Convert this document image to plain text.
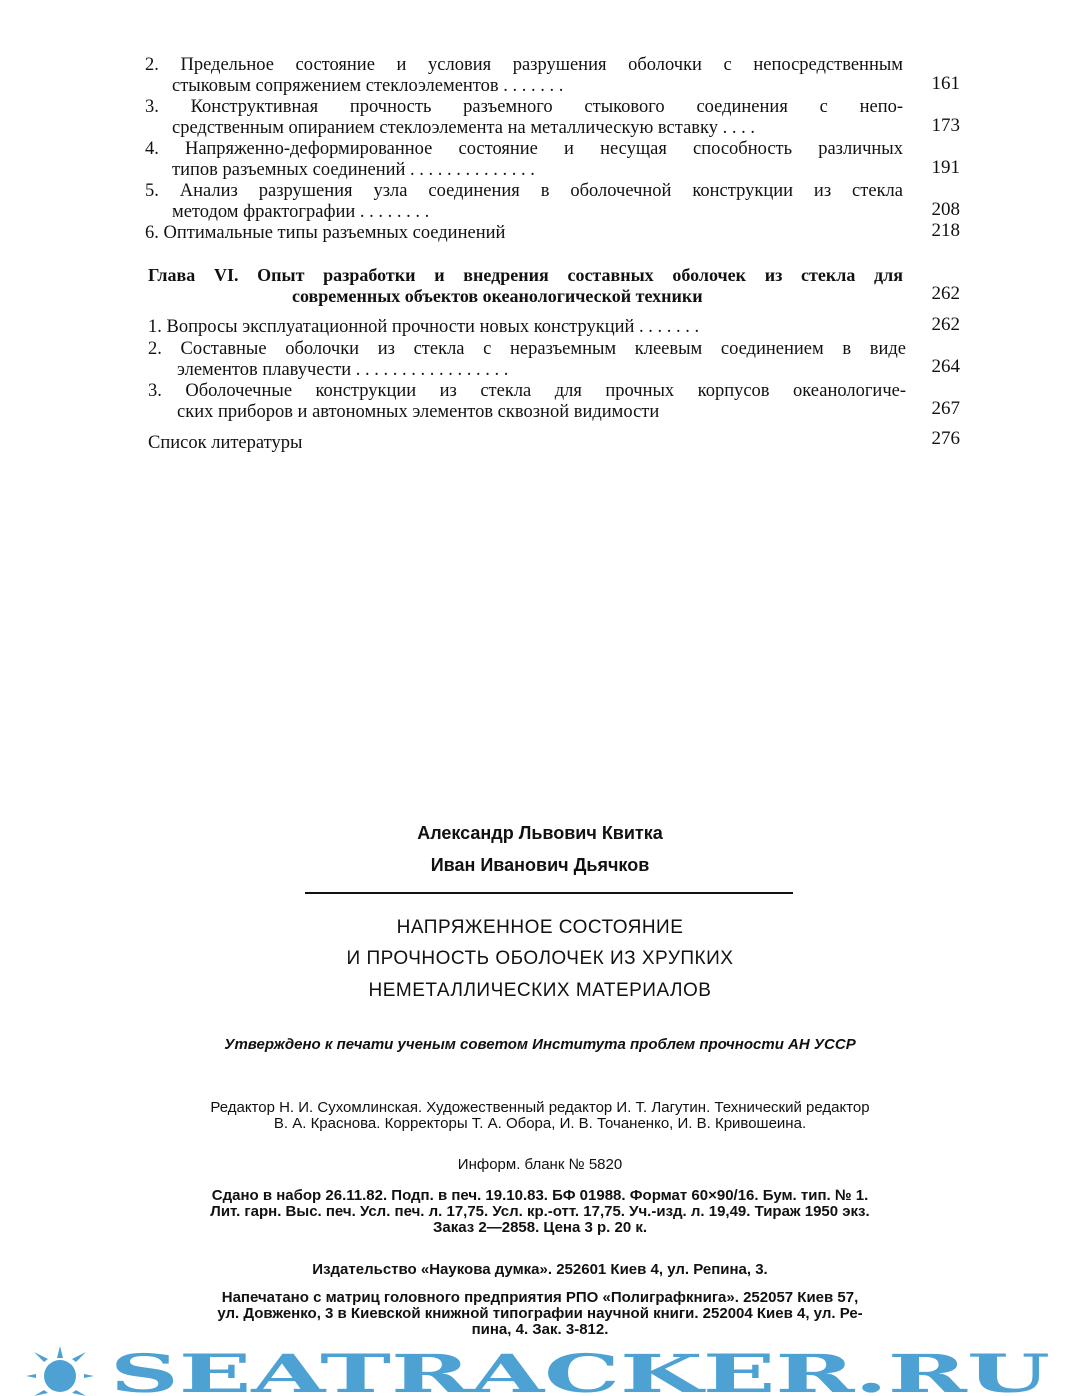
2. Предельное состояние и условия разрушения оболочки с непосредственным
стыковым сопряжением стеклоэлементов . . . . . . .	161
3. Конструктивная прочность разъемного стыкового соединения с непо-
средственным опиранием стеклоэлемента на металлическую вставку . . . .	173
4. Напряженно-деформированное состояние и несущая способность различных
типов разъемных соединений . . . . . . . . . . . . . .	191
5. Анализ разрушения узла соединения в оболочечной конструкции из стекла
методом фрактографии . . . . . . . .	208
6. Оптимальные типы разъемных соединений	218
Глава VI. Опыт разработки и внедрения составных оболочек из стекла для
современных объектов океанологической техники	262
1. Вопросы эксплуатационной прочности новых конструкций . . . . . . .	262
2. Составные оболочки из стекла с неразъемным клеевым соединением в виде
элементов плавучести . . . . . . . . . . . . . . . . .	264
3. Оболочечные конструкции из стекла для прочных корпусов океанологиче-
ских приборов и автономных элементов сквозной видимости	267
Список литературы	276
Александр Львович Квитка
Иван Иванович Дьячков
НАПРЯЖЕННОЕ СОСТОЯНИЕ
И ПРОЧНОСТЬ ОБОЛОЧЕК ИЗ ХРУПКИХ
НЕМЕТАЛЛИЧЕСКИХ МАТЕРИАЛОВ
Утверждено к печати ученым советом Института проблем прочности АН УССР
Редактор Н. И. Сухомлинская. Художественный редактор И. Т. Лагутин. Технический редактор
В. А. Краснова. Корректоры Т. А. Обора, И. В. Точаненко, И. В. Кривошеина.
Информ. бланк № 5820
Сдано в набор 26.11.82. Подп. в печ. 19.10.83. БФ 01988. Формат 60×90/16. Бум. тип. № 1.
Лит. гарн. Выс. печ. Усл. печ. л. 17,75. Усл. кр.-отт. 17,75. Уч.-изд. л. 19,49. Тираж 1950 экз.
Заказ 2—2858. Цена 3 р. 20 к.
Издательство «Наукова думка». 252601 Киев 4, ул. Репина, 3.
Напечатано с матриц головного предприятия РПО «Полиграфкнига». 252057 Киев 57,
ул. Довженко, 3 в Киевской книжной типографии научной книги. 252004 Киев 4, ул. Ре-
пина, 4. Зак. 3-812.
SEATRACKER.RU
